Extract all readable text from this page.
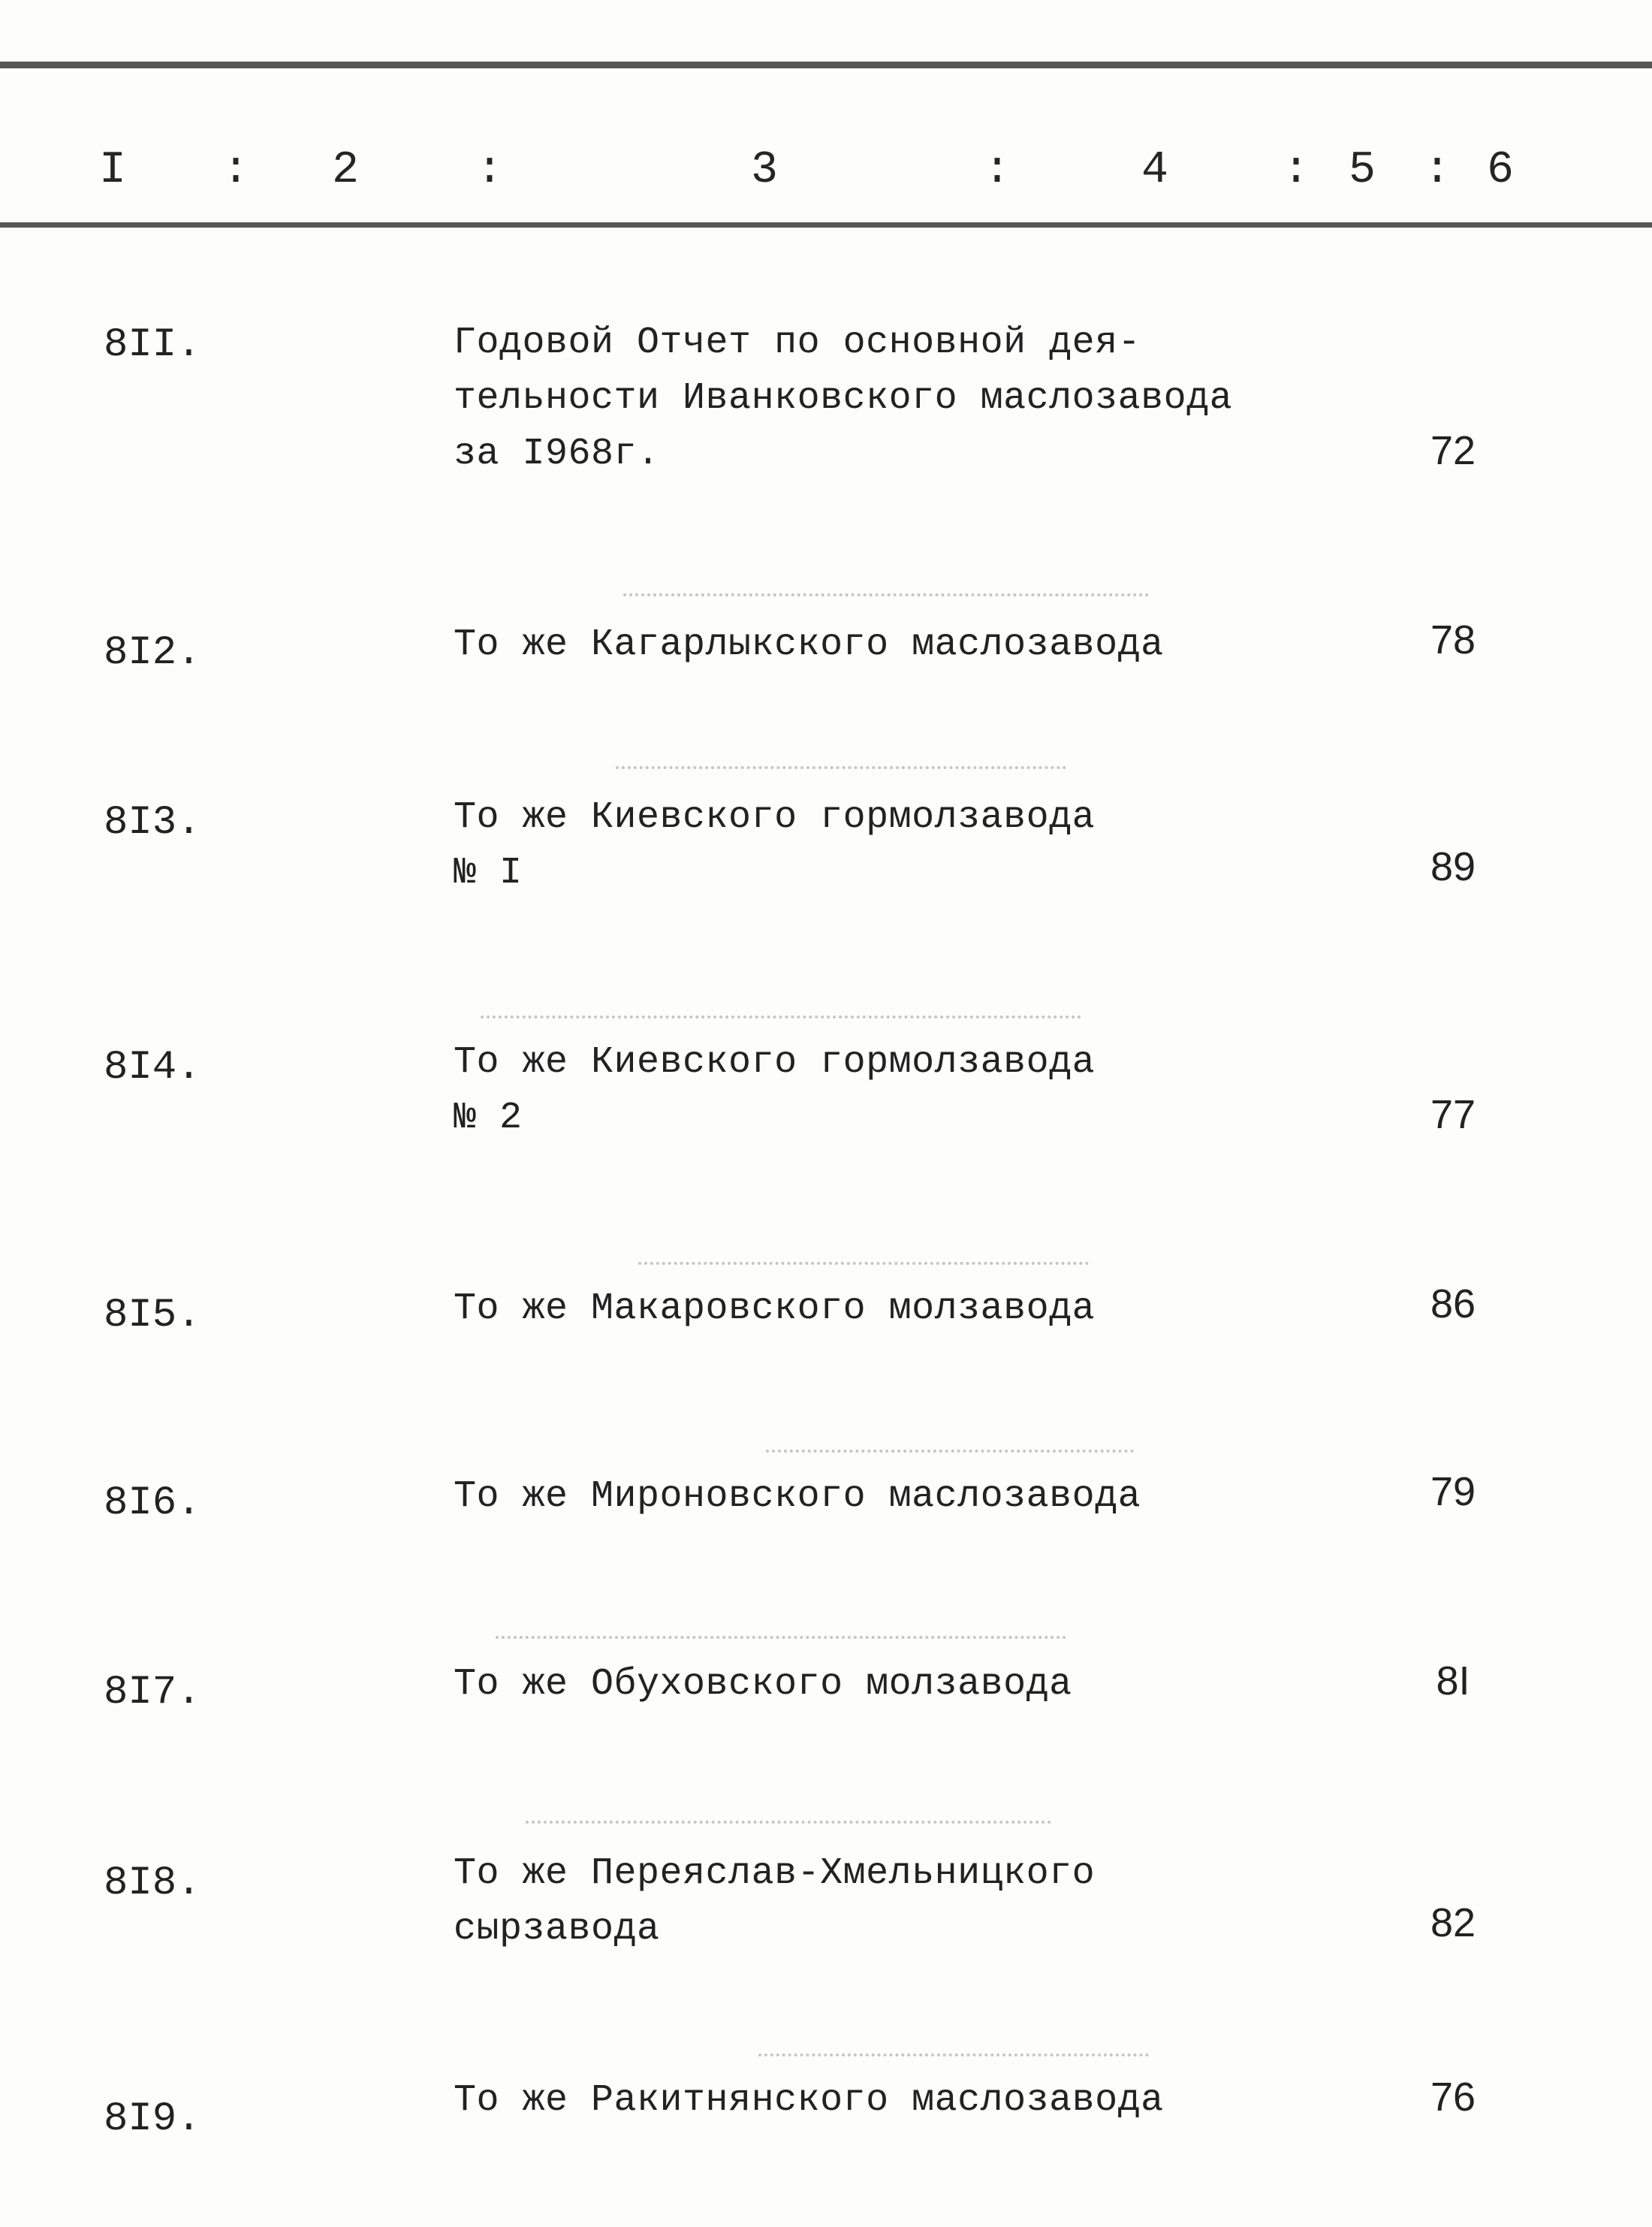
I : 2	:	3	:	4	: 5 : 6
8II.	Годовой Отчет по основной дея-
тельности Иванковского маслозавода
за I968г.	72
8I2.	То же Кагарлыкского маслозавода	78
8I3.	То же Киевского гормолзавода
№ I	89
8I4.	То же Киевского гормолзавода
№ 2	77
8I5.	То же Макаровского молзавода	86
8I6.	То же Мироновского маслозавода	79
8I7.	То же Обуховского молзавода	8I
8I8.	То же Переяслав-Хмельницкого
сырзавода	82
8I9.	То же Ракитнянского маслозавода	76
